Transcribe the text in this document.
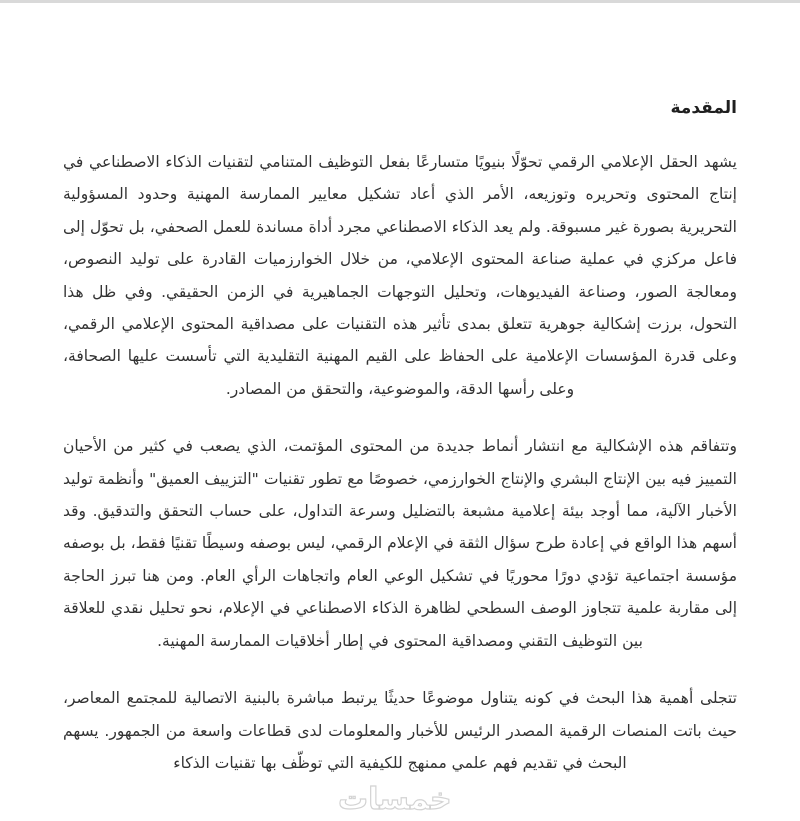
المقدمة

يشهد الحقل الإعلامي الرقمي تحوّلًا بنيويًا متسارعًا بفعل التوظيف المتنامي لتقنيات الذكاء الاصطناعي في إنتاج المحتوى وتحريره وتوزيعه، الأمر الذي أعاد تشكيل معايير الممارسة المهنية وحدود المسؤولية التحريرية بصورة غير مسبوقة. ولم يعد الذكاء الاصطناعي مجرد أداة مساندة للعمل الصحفي، بل تحوّل إلى فاعل مركزي في عملية صناعة المحتوى الإعلامي، من خلال الخوارزميات القادرة على توليد النصوص، ومعالجة الصور، وصناعة الفيديوهات، وتحليل التوجهات الجماهيرية في الزمن الحقيقي. وفي ظل هذا التحول، برزت إشكالية جوهرية تتعلق بمدى تأثير هذه التقنيات على مصداقية المحتوى الإعلامي الرقمي، وعلى قدرة المؤسسات الإعلامية على الحفاظ على القيم المهنية التقليدية التي تأسست عليها الصحافة، وعلى رأسها الدقة، والموضوعية، والتحقق من المصادر.

وتتفاقم هذه الإشكالية مع انتشار أنماط جديدة من المحتوى المؤتمت، الذي يصعب في كثير من الأحيان التمييز فيه بين الإنتاج البشري والإنتاج الخوارزمي، خصوصًا مع تطور تقنيات "التزييف العميق" وأنظمة توليد الأخبار الآلية، مما أوجد بيئة إعلامية مشبعة بالتضليل وسرعة التداول، على حساب التحقق والتدقيق. وقد أسهم هذا الواقع في إعادة طرح سؤال الثقة في الإعلام الرقمي، ليس بوصفه وسيطًا تقنيًا فقط، بل بوصفه مؤسسة اجتماعية تؤدي دورًا محوريًا في تشكيل الوعي العام واتجاهات الرأي العام. ومن هنا تبرز الحاجة إلى مقاربة علمية تتجاوز الوصف السطحي لظاهرة الذكاء الاصطناعي في الإعلام، نحو تحليل نقدي للعلاقة بين التوظيف التقني ومصداقية المحتوى في إطار أخلاقيات الممارسة المهنية.

تتجلى أهمية هذا البحث في كونه يتناول موضوعًا حديثًا يرتبط مباشرة بالبنية الاتصالية للمجتمع المعاصر، حيث باتت المنصات الرقمية المصدر الرئيس للأخبار والمعلومات لدى قطاعات واسعة من الجمهور. يسهم البحث في تقديم فهم علمي ممنهج للكيفية التي توظّف بها تقنيات الذكاء

خمسات
